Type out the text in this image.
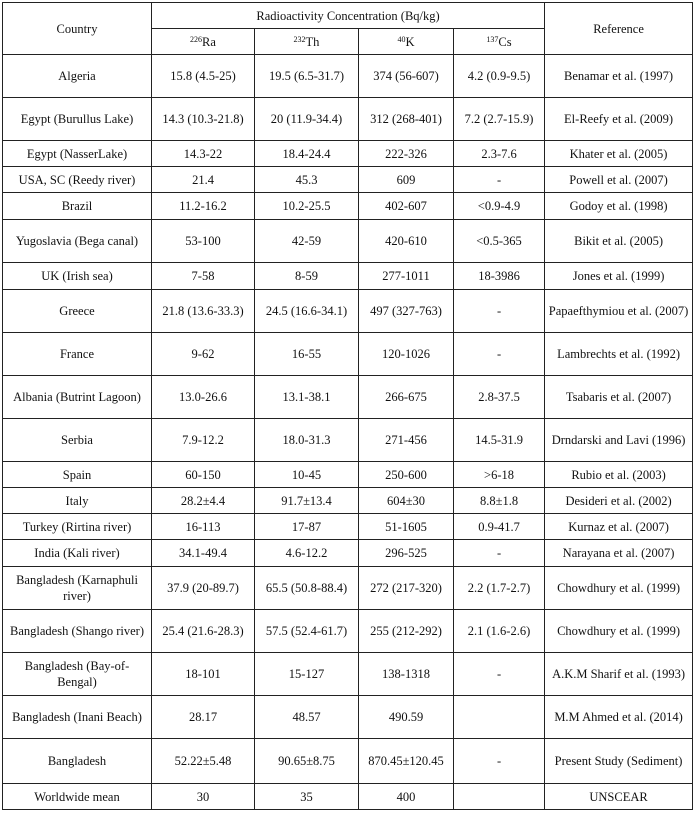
Country	Radioactivity Concentration (Bq/kg)				Reference
	$^{226}$Ra	$^{232}$Th	$^{40}$K	$^{137}$Cs	
Algeria	15.8 (4.5-25)	19.5 (6.5-31.7)	374 (56-607)	4.2 (0.9-9.5)	Benamar et al. (1997)
Egypt (Burullus Lake)	14.3 (10.3-21.8)	20 (11.9-34.4)	312 (268-401)	7.2 (2.7-15.9)	El-Reefy et al. (2009)
Egypt (NasserLake)	14.3-22	18.4-24.4	222-326	2.3-7.6	Khater et al. (2005)
USA, SC (Reedy river)	21.4	45.3	609	-	Powell et al. (2007)
Brazil	11.2-16.2	10.2-25.5	402-607	<0.9-4.9	Godoy et al. (1998)
Yugoslavia (Bega canal)	53-100	42-59	420-610	<0.5-365	Bikit et al. (2005)
UK (Irish sea)	7-58	8-59	277-1011	18-3986	Jones et al. (1999)
Greece	21.8 (13.6-33.3)	24.5 (16.6-34.1)	497 (327-763)	-	Papaefthymiou et al. (2007)
France	9-62	16-55	120-1026	-	Lambrechts et al. (1992)
Albania (Butrint Lagoon)	13.0-26.6	13.1-38.1	266-675	2.8-37.5	Tsabaris et al. (2007)
Serbia	7.9-12.2	18.0-31.3	271-456	14.5-31.9	Drndarski and Lavi (1996)
Spain	60-150	10-45	250-600	>6-18	Rubio et al. (2003)
Italy	28.2±4.4	91.7±13.4	604±30	8.8±1.8	Desideri et al. (2002)
Turkey (Rirtina river)	16-113	17-87	51-1605	0.9-41.7	Kurnaz et al. (2007)
India (Kali river)	34.1-49.4	4.6-12.2	296-525	-	Narayana et al. (2007)
Bangladesh (Karnaphuli river)	37.9 (20-89.7)	65.5 (50.8-88.4)	272 (217-320)	2.2 (1.7-2.7)	Chowdhury et al. (1999)
Bangladesh (Shango river)	25.4 (21.6-28.3)	57.5 (52.4-61.7)	255 (212-292)	2.1 (1.6-2.6)	Chowdhury et al. (1999)
Bangladesh (Bay-of-Bengal)	18-101	15-127	138-1318	-	A.K.M Sharif et al. (1993)
Bangladesh (Inani Beach)	28.17	48.57	490.59		M.M Ahmed et al. (2014)
Bangladesh	52.22±5.48	90.65±8.75	870.45±120.45	-	Present Study (Sediment)
Worldwide mean	30	35	400		UNSCEAR
